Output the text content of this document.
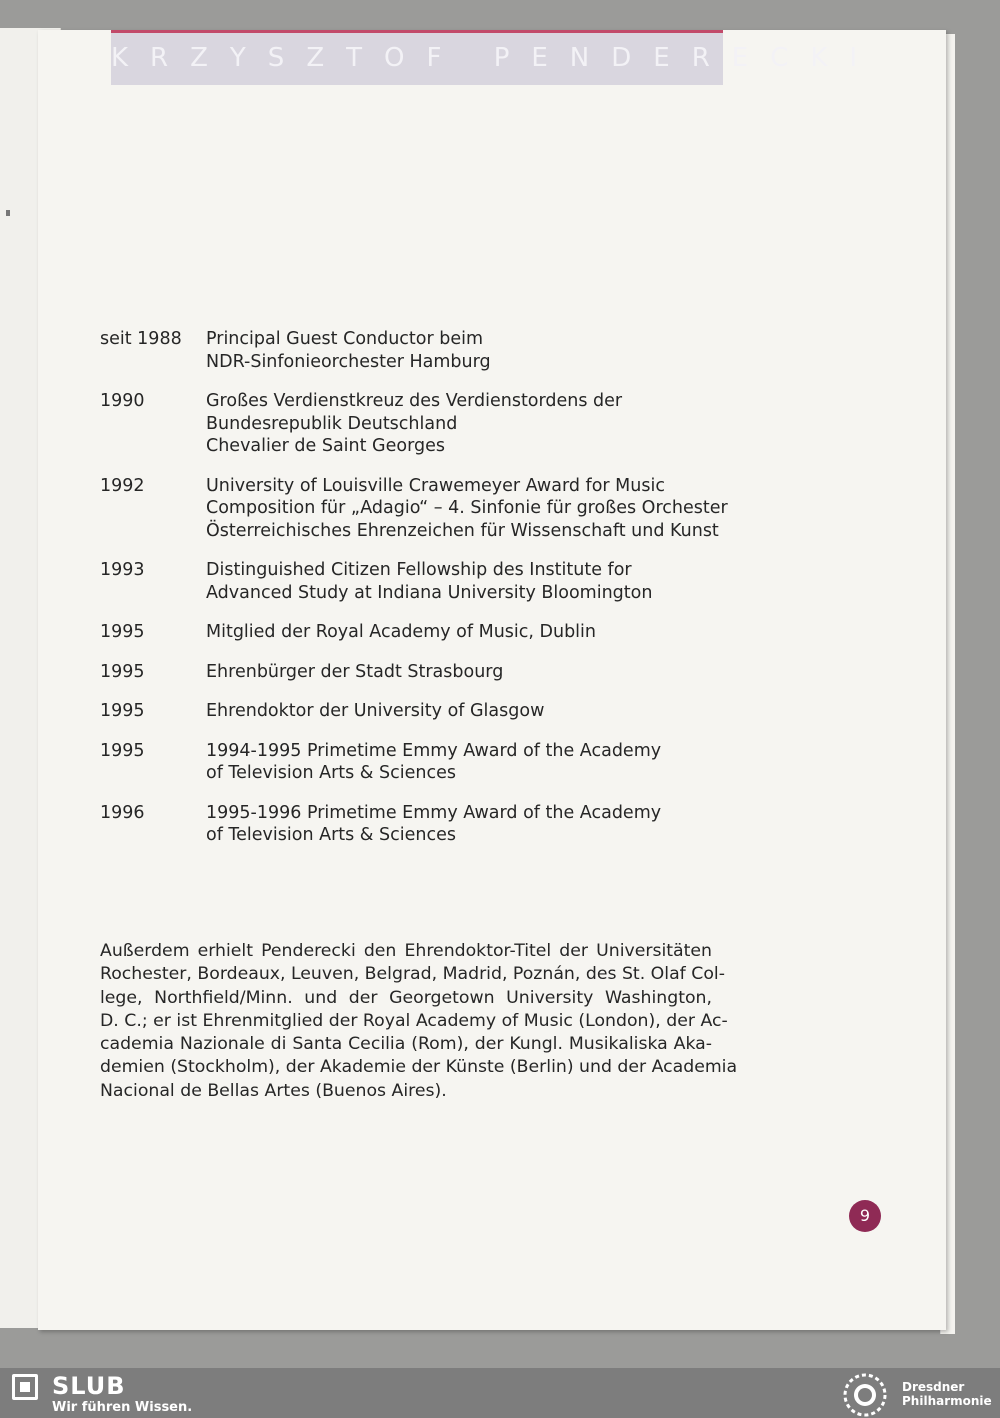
KRZYSZTOF PENDERECKI
seit 1988	Principal Guest Conductor beim
NDR-Sinfonieorchester Hamburg
1990	Großes Verdienstkreuz des Verdienstordens der
Bundesrepublik Deutschland
Chevalier de Saint Georges
1992	University of Louisville Crawemeyer Award for Music
Composition für „Adagio“ – 4. Sinfonie für großes Orchester
Österreichisches Ehrenzeichen für Wissenschaft und Kunst
1993	Distinguished Citizen Fellowship des Institute for
Advanced Study at Indiana University Bloomington
1995	Mitglied der Royal Academy of Music, Dublin
1995	Ehrenbürger der Stadt Strasbourg
1995	Ehrendoktor der University of Glasgow
1995	1994-1995 Primetime Emmy Award of the Academy
of Television Arts & Sciences
1996	1995-1996 Primetime Emmy Award of the Academy
of Television Arts & Sciences
Außerdem erhielt Penderecki den Ehrendoktor-Titel der Universitäten
Rochester, Bordeaux, Leuven, Belgrad, Madrid, Poznán, des St. Olaf Col-
lege, Northfield/Minn. und der Georgetown University Washington,
D. C.; er ist Ehrenmitglied der Royal Academy of Music (London), der Ac-
cademia Nazionale di Santa Cecilia (Rom), der Kungl. Musikaliska Aka-
demien (Stockholm), der Akademie der Künste (Berlin) und der Academia
Nacional de Bellas Artes (Buenos Aires).
9
SLUB
Wir führen Wissen.
Dresdner
Philharmonie
